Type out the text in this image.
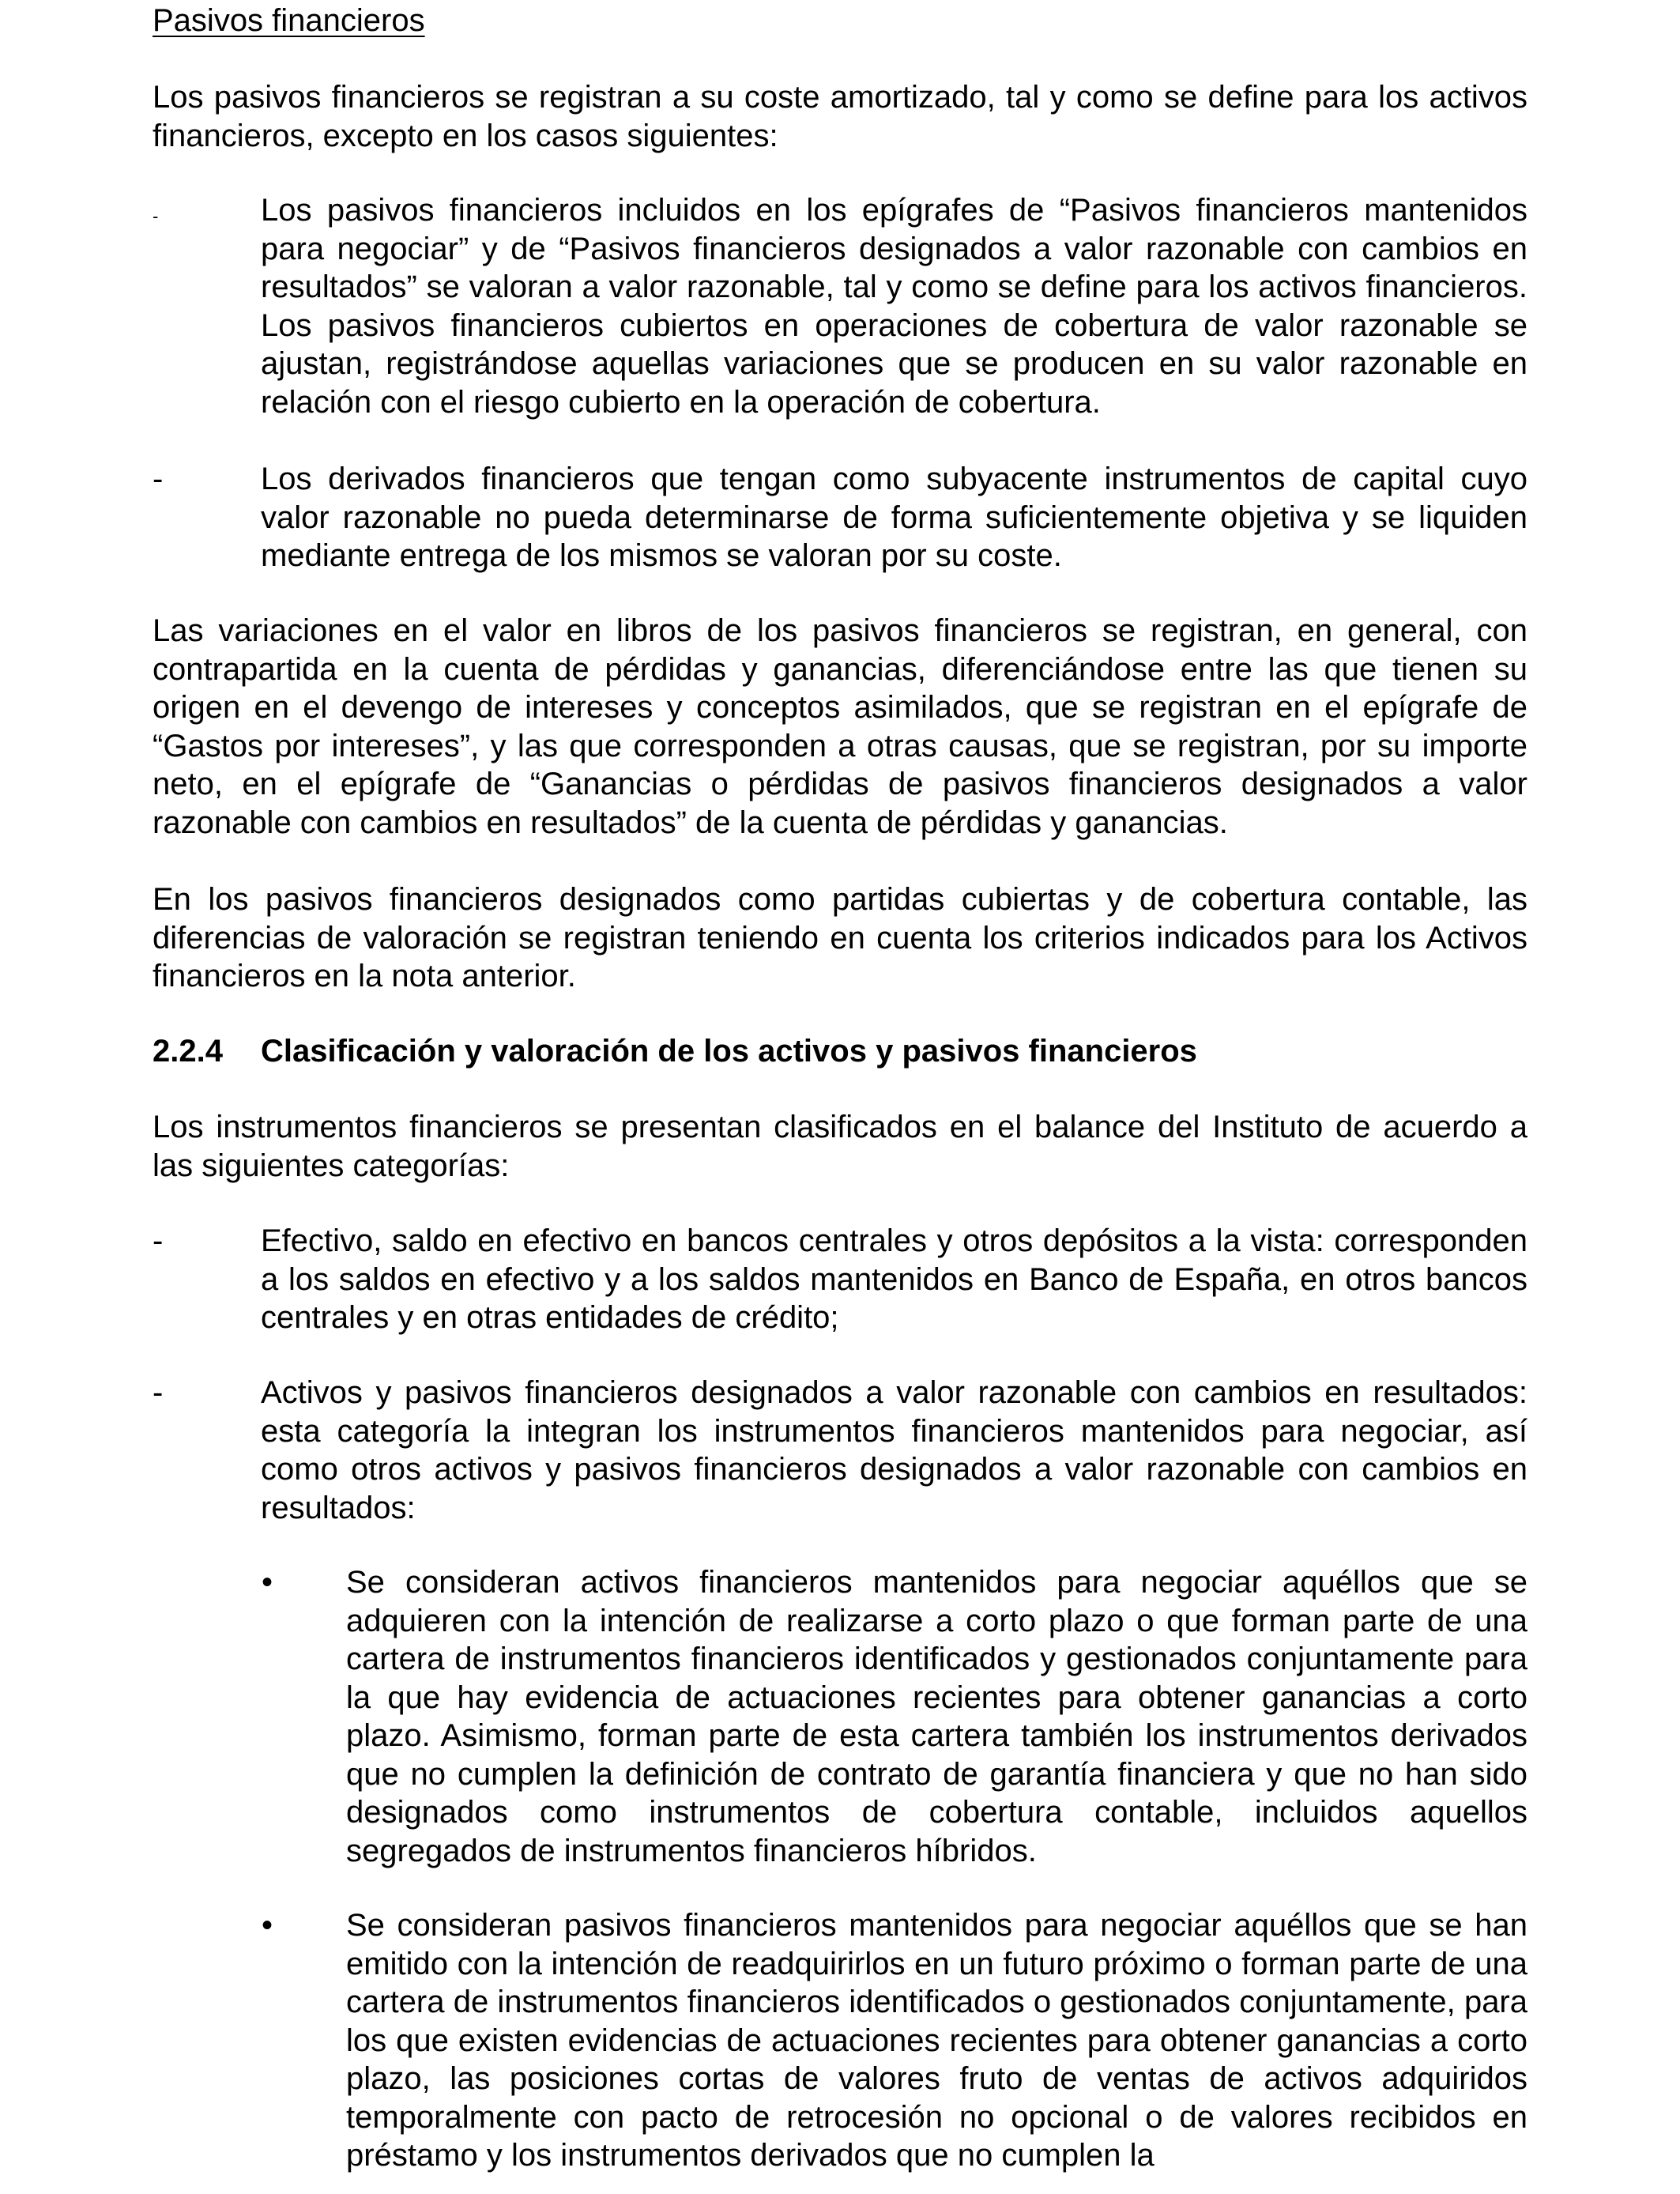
Pasivos financieros

Los pasivos financieros se registran a su coste amortizado, tal y como se define para los activos financieros, excepto en los casos siguientes:

-	Los pasivos financieros incluidos en los epígrafes de “Pasivos financieros mantenidos para negociar” y de “Pasivos financieros designados a valor razonable con cambios en resultados” se valoran a valor razonable, tal y como se define para los activos financieros. Los pasivos financieros cubiertos en operaciones de cobertura de valor razonable se ajustan, registrándose aquellas variaciones que se producen en su valor razonable en relación con el riesgo cubierto en la operación de cobertura.

-	Los derivados financieros que tengan como subyacente instrumentos de capital cuyo valor razonable no pueda determinarse de forma suficientemente objetiva y se liquiden mediante entrega de los mismos se valoran por su coste.

Las variaciones en el valor en libros de los pasivos financieros se registran, en general, con contrapartida en la cuenta de pérdidas y ganancias, diferenciándose entre las que tienen su origen en el devengo de intereses y conceptos asimilados, que se registran en el epígrafe de “Gastos por intereses”, y las que corresponden a otras causas, que se registran, por su importe neto, en el epígrafe de “Ganancias o pérdidas de pasivos financieros designados a valor razonable con cambios en resultados” de la cuenta de pérdidas y ganancias.

En los pasivos financieros designados como partidas cubiertas y de cobertura contable, las diferencias de valoración se registran teniendo en cuenta los criterios indicados para los Activos financieros en la nota anterior.

2.2.4 Clasificación y valoración de los activos y pasivos financieros

Los instrumentos financieros se presentan clasificados en el balance del Instituto de acuerdo a las siguientes categorías:

-	Efectivo, saldo en efectivo en bancos centrales y otros depósitos a la vista: corresponden a los saldos en efectivo y a los saldos mantenidos en Banco de España, en otros bancos centrales y en otras entidades de crédito;

-	Activos y pasivos financieros designados a valor razonable con cambios en resultados: esta categoría la integran los instrumentos financieros mantenidos para negociar, así como otros activos y pasivos financieros designados a valor razonable con cambios en resultados:

• Se consideran activos financieros mantenidos para negociar aquéllos que se adquieren con la intención de realizarse a corto plazo o que forman parte de una cartera de instrumentos financieros identificados y gestionados conjuntamente para la que hay evidencia de actuaciones recientes para obtener ganancias a corto plazo. Asimismo, forman parte de esta cartera también los instrumentos derivados que no cumplen la definición de contrato de garantía financiera y que no han sido designados como instrumentos de cobertura contable, incluidos aquellos segregados de instrumentos financieros híbridos.

• Se consideran pasivos financieros mantenidos para negociar aquéllos que se han emitido con la intención de readquirirlos en un futuro próximo o forman parte de una cartera de instrumentos financieros identificados o gestionados conjuntamente, para los que existen evidencias de actuaciones recientes para obtener ganancias a corto plazo, las posiciones cortas de valores fruto de ventas de activos adquiridos temporalmente con pacto de retrocesión no opcional o de valores recibidos en préstamo y los instrumentos derivados que no cumplen la
